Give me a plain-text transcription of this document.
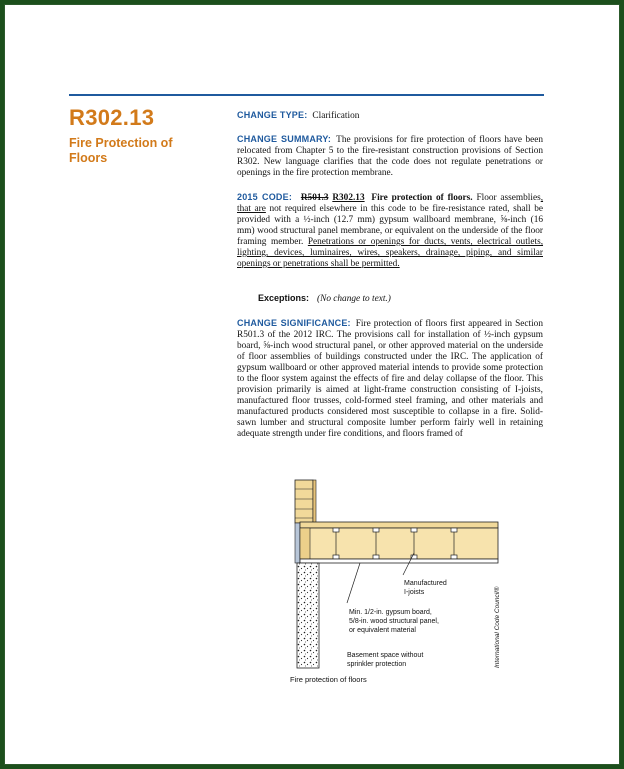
R302.13
Fire Protection of Floors
CHANGE TYPE: Clarification
CHANGE SUMMARY: The provisions for fire protection of floors have been relocated from Chapter 5 to the fire-resistant construction provisions of Section R302. New language clarifies that the code does not regulate penetrations or openings in the fire protection membrane.
2015 CODE: R501.3 R302.13 Fire protection of floors. Floor assemblies, that are not required elsewhere in this code to be fire-resistance rated, shall be provided with a ½-inch (12.7 mm) gypsum wallboard membrane, ⅝-inch (16 mm) wood structural panel membrane, or equivalent on the underside of the floor framing member. Penetrations or openings for ducts, vents, electrical outlets, lighting, devices, luminaires, wires, speakers, drainage, piping, and similar openings or penetrations shall be permitted.
Exceptions: (No change to text.)
CHANGE SIGNIFICANCE: Fire protection of floors first appeared in Section R501.3 of the 2012 IRC. The provisions call for installation of ½-inch gypsum board, ⅝-inch wood structural panel, or other approved material on the underside of floor assemblies of buildings constructed under the IRC. The application of gypsum wallboard or other approved material intends to provide some protection to the floor system against the effects of fire and delay collapse of the floor. This provision primarily is aimed at light-frame construction consisting of I-joists, manufactured floor trusses, cold-formed steel framing, and other materials and manufactured products considered most susceptible to collapse in a fire. Solid-sawn lumber and structural composite lumber perform fairly well in retaining adequate strength under fire conditions, and floors framed of
Manufactured
I-joists
Min. 1/2-in. gypsum board,
5/8-in. wood structural panel,
or equivalent material
Basement space without
sprinkler protection	International Code Council®
Fire protection of floors
